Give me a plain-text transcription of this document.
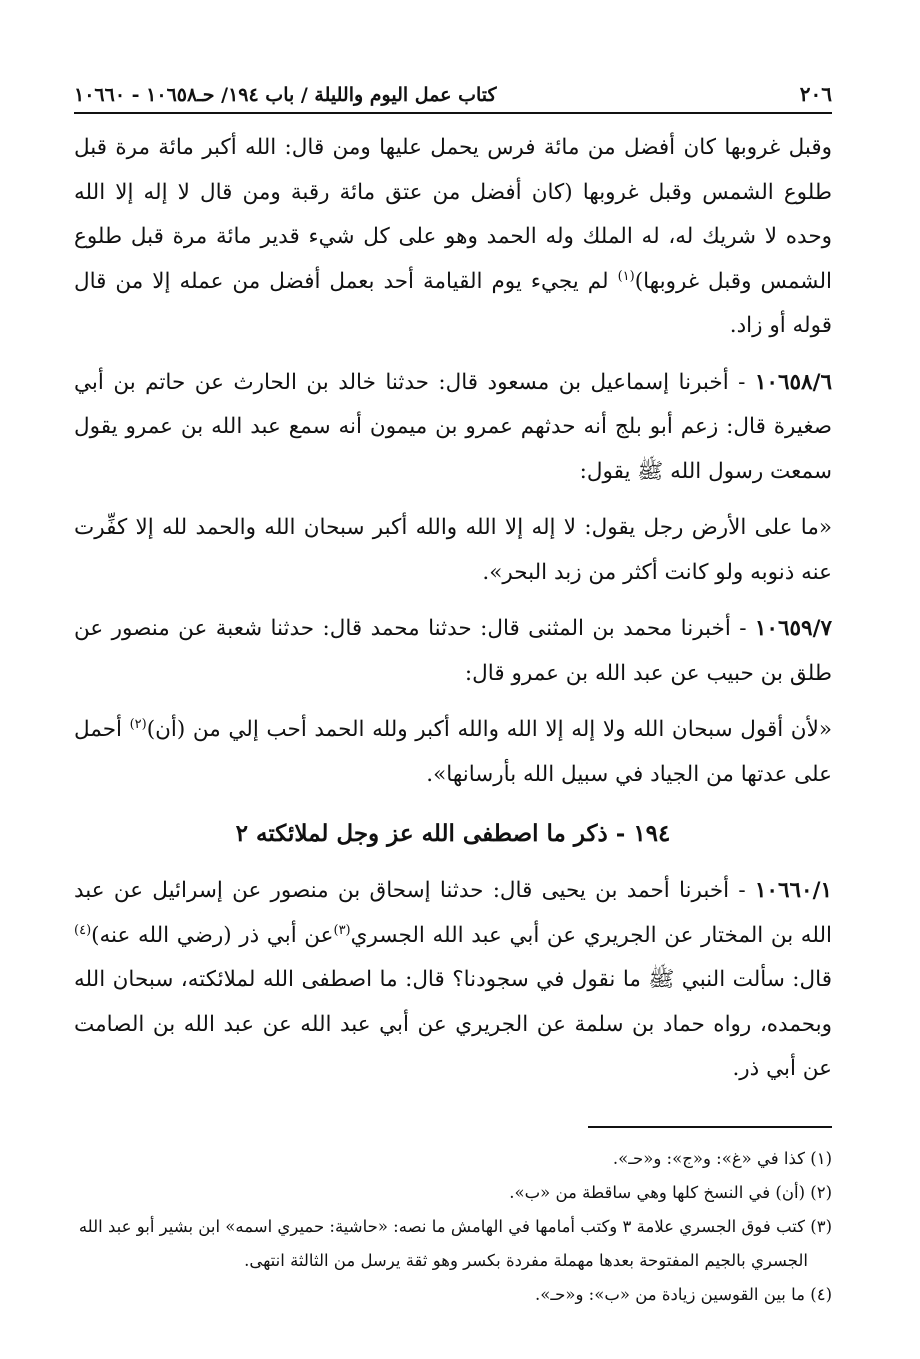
٢٠٦
كتاب عمل اليوم والليلة / باب ١٩٤/ حـ١٠٦٥٨ - ١٠٦٦٠
وقبل غروبها كان أفضل من مائة فرس يحمل عليها ومن قال: الله أكبر مائة مرة قبل طلوع الشمس وقبل غروبها (كان أفضل من عتق مائة رقبة ومن قال لا إله إلا الله وحده لا شريك له، له الملك وله الحمد وهو على كل شيء قدير مائة مرة قبل طلوع الشمس وقبل غروبها)$^{(١)}$ لم يجيء يوم القيامة أحد بعمل أفضل من عمله إلا من قال قوله أو زاد.
١٠٦٥٨/٦ - أخبرنا إسماعيل بن مسعود قال: حدثنا خالد بن الحارث عن حاتم بن أبي صغيرة قال: زعم أبو بلج أنه حدثهم عمرو بن ميمون أنه سمع عبد الله بن عمرو يقول سمعت رسول الله ﷺ يقول:
«ما على الأرض رجل يقول: لا إله إلا الله والله أكبر سبحان الله والحمد لله إلا كفِّرت عنه ذنوبه ولو كانت أكثر من زبد البحر».
١٠٦٥٩/٧ - أخبرنا محمد بن المثنى قال: حدثنا محمد قال: حدثنا شعبة عن منصور عن طلق بن حبيب عن عبد الله بن عمرو قال:
«لأن أقول سبحان الله ولا إله إلا الله والله أكبر ولله الحمد أحب إلي من (أن)$^{(٢)}$ أحمل على عدتها من الجياد في سبيل الله بأرسانها».
١٩٤ - ذكر ما اصطفى الله عز وجل لملائكته ٢
١٠٦٦٠/١ - أخبرنا أحمد بن يحيى قال: حدثنا إسحاق بن منصور عن إسرائيل عن عبد الله بن المختار عن الجريري عن أبي عبد الله الجسري$^{(٣)}$عن أبي ذر (رضي الله عنه)$^{(٤)}$ قال: سألت النبي ﷺ ما نقول في سجودنا؟ قال: ما اصطفى الله لملائكته، سبحان الله وبحمده، رواه حماد بن سلمة عن الجريري عن أبي عبد الله عن عبد الله بن الصامت عن أبي ذر.

(١) كذا في «غ»: و«ج»: و«حـ».

(٢) (أن) في النسخ كلها وهي ساقطة من «ب».

(٣) كتب فوق الجسري علامة ٣ وكتب أمامها في الهامش ما نصه: «حاشية: حميري اسمه» ابن بشير أبو عبد الله

الجسري بالجيم المفتوحة بعدها مهملة مفردة بكسر وهو ثقة يرسل من الثالثة انتهى.

(٤) ما بين القوسين زيادة من «ب»: و«حـ».
